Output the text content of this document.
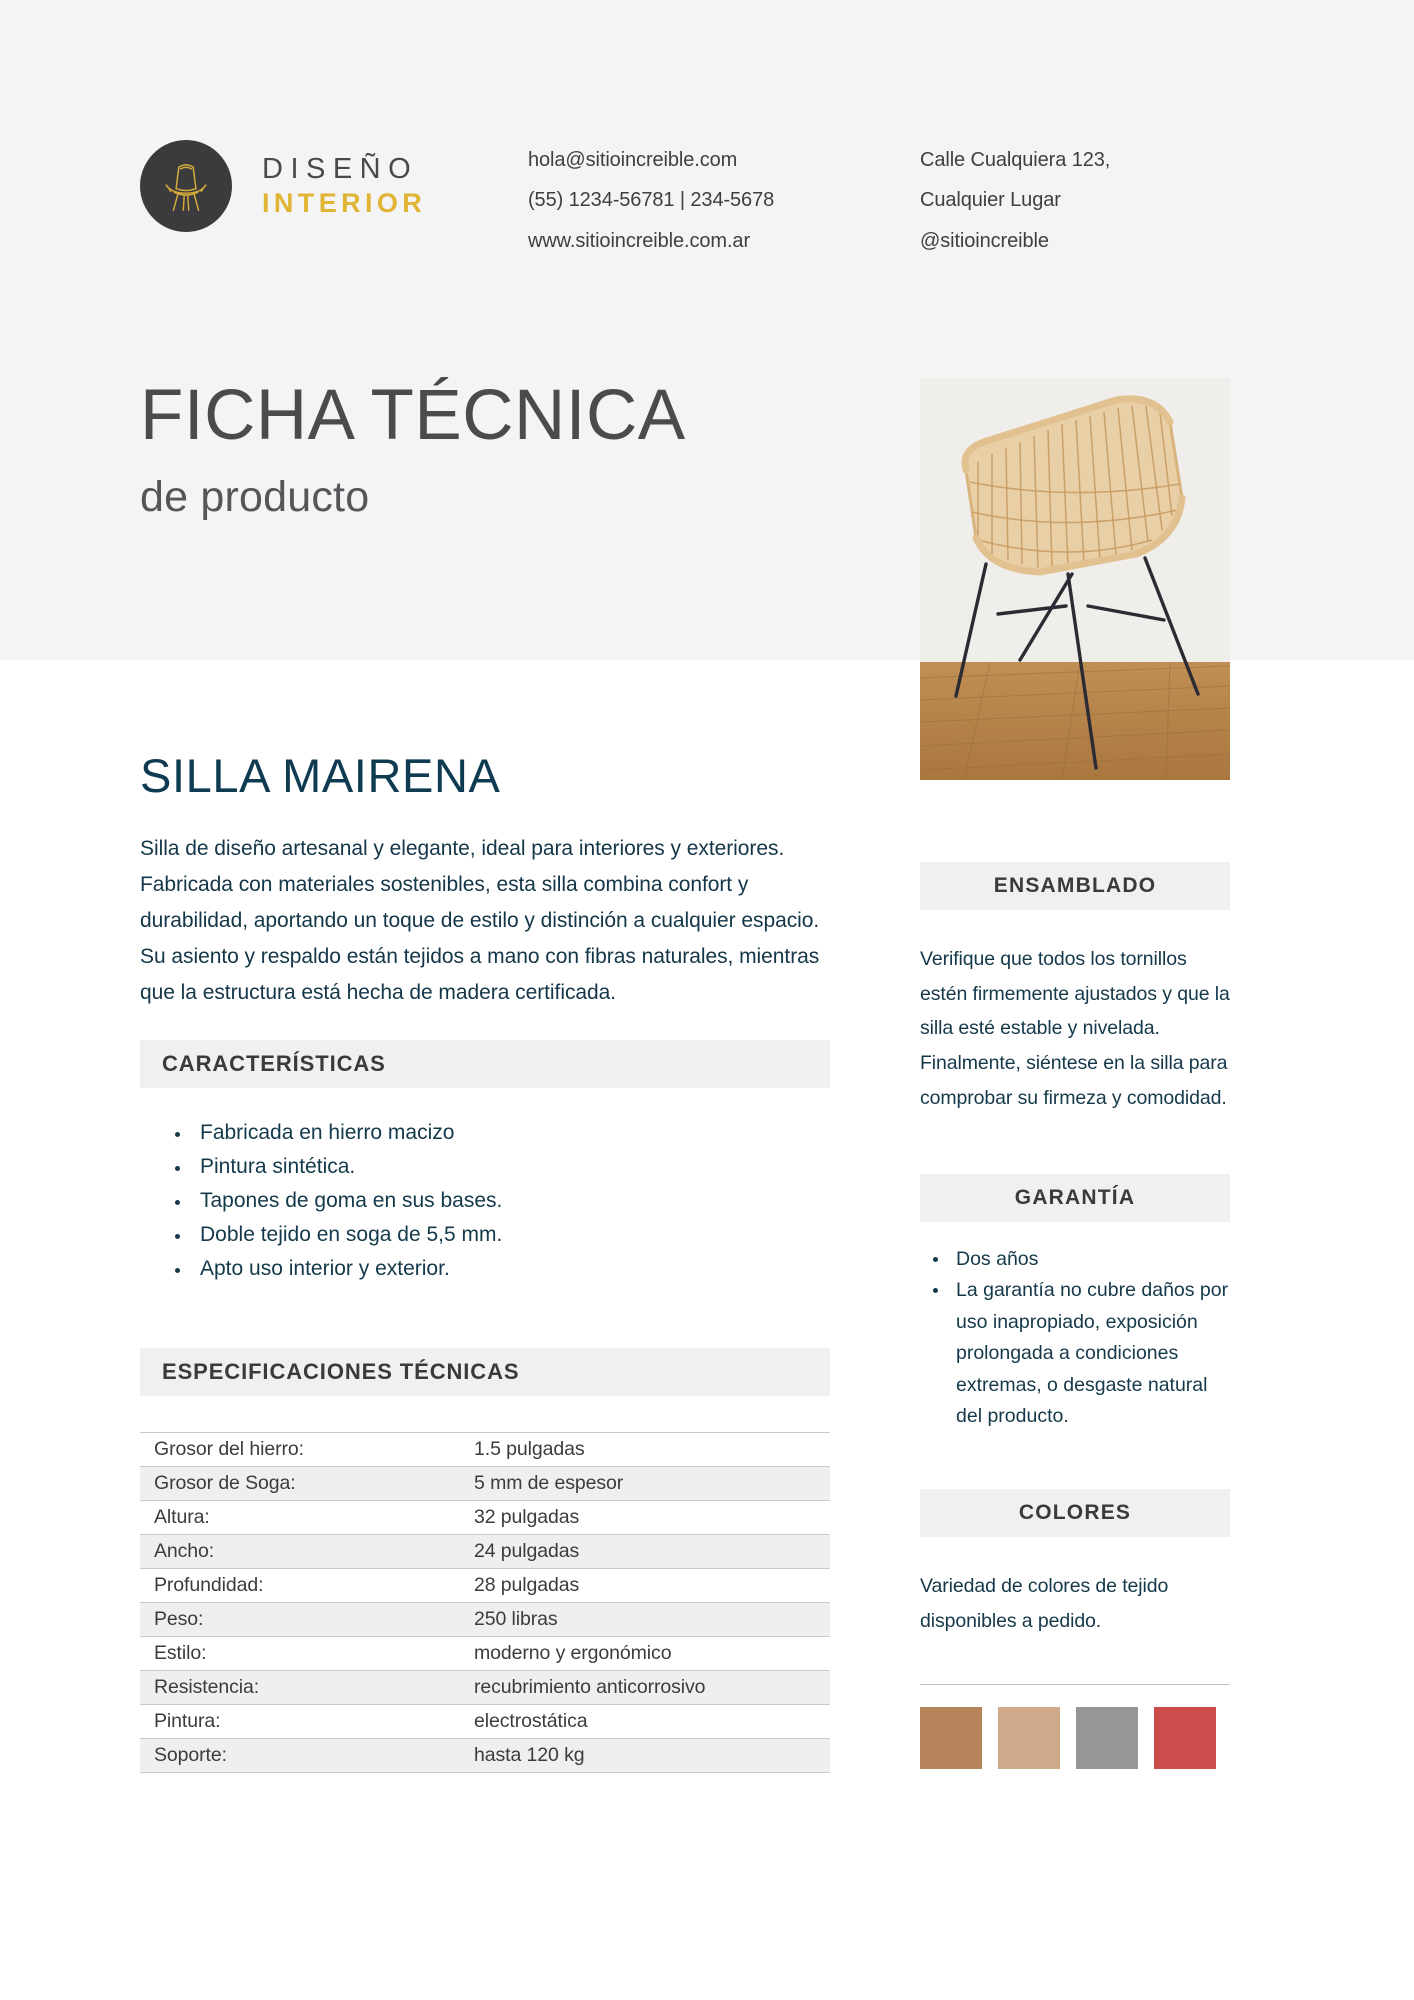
DISEÑO
INTERIOR
hola@sitioincreible.com
(55) 1234-56781 | 234-5678
www.sitioincreible.com.ar
Calle Cualquiera 123,
Cualquier Lugar
@sitioincreible
FICHA TÉCNICA
de producto
SILLA MAIRENA
Silla de diseño artesanal y elegante, ideal para interiores y exteriores. Fabricada con materiales sostenibles, esta silla combina confort y durabilidad, aportando un toque de estilo y distinción a cualquier espacio. Su asiento y respaldo están tejidos a mano con fibras naturales, mientras que la estructura está hecha de madera certificada.
CARACTERÍSTICAS
• Fabricada en hierro macizo
• Pintura sintética.
• Tapones de goma en sus bases.
• Doble tejido en soga de 5,5 mm.
• Apto uso interior y exterior.
ESPECIFICACIONES TÉCNICAS
Grosor del hierro:	1.5 pulgadas
Grosor de Soga:	5 mm de espesor
Altura:	32 pulgadas
Ancho:	24 pulgadas
Profundidad:	28 pulgadas
Peso:	250 libras
Estilo:	moderno y ergonómico
Resistencia:	recubrimiento anticorrosivo
Pintura:	electrostática
Soporte:	hasta 120 kg
ENSAMBLADO
Verifique que todos los tornillos estén firmemente ajustados y que la silla esté estable y nivelada. Finalmente, siéntese en la silla para comprobar su firmeza y comodidad.
GARANTÍA
• Dos años
• La garantía no cubre daños por uso inapropiado, exposición prolongada a condiciones extremas, o desgaste natural del producto.
COLORES
Variedad de colores de tejido disponibles a pedido.
